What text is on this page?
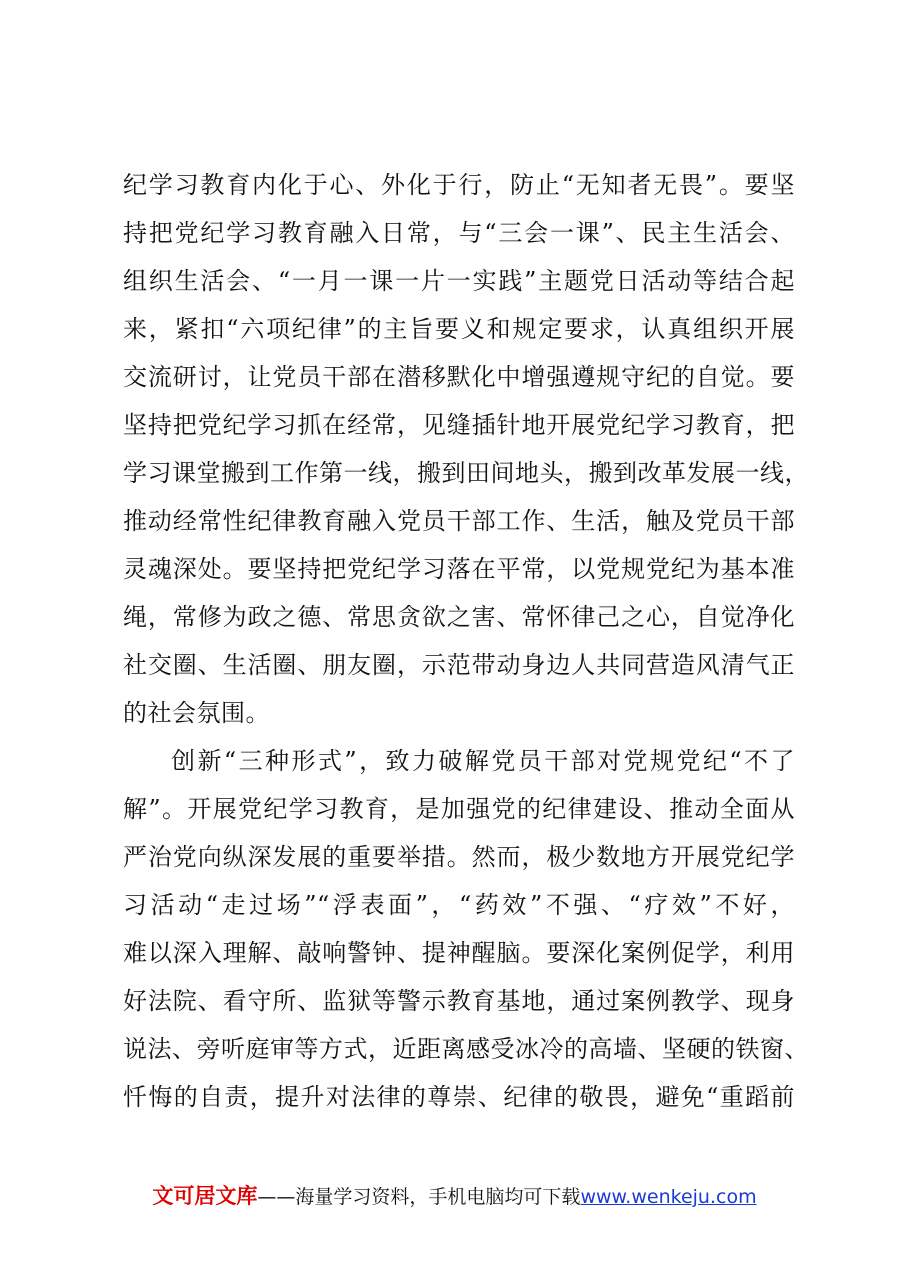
纪学习教育内化于心、外化于行，防止“无知者无畏”。要坚
持把党纪学习教育融入日常，与“三会一课”、民主生活会、
组织生活会、“一月一课一片一实践”主题党日活动等结合起
来，紧扣“六项纪律”的主旨要义和规定要求，认真组织开展
交流研讨，让党员干部在潜移默化中增强遵规守纪的自觉。要
坚持把党纪学习抓在经常，见缝插针地开展党纪学习教育，把
学习课堂搬到工作第一线，搬到田间地头，搬到改革发展一线，
推动经常性纪律教育融入党员干部工作、生活，触及党员干部
灵魂深处。要坚持把党纪学习落在平常，以党规党纪为基本准
绳，常修为政之德、常思贪欲之害、常怀律己之心，自觉净化
社交圈、生活圈、朋友圈，示范带动身边人共同营造风清气正
的社会氛围。
创新“三种形式”，致力破解党员干部对党规党纪“不了
解”。开展党纪学习教育，是加强党的纪律建设、推动全面从
严治党向纵深发展的重要举措。然而，极少数地方开展党纪学
习活动“走过场”“浮表面”，“药效”不强、“疗效”不好，
难以深入理解、敲响警钟、提神醒脑。要深化案例促学，利用
好法院、看守所、监狱等警示教育基地，通过案例教学、现身
说法、旁听庭审等方式，近距离感受冰冷的高墙、坚硬的铁窗、
忏悔的自责，提升对法律的尊崇、纪律的敬畏，避免“重蹈前
文可居文库——海量学习资料，手机电脑均可下载www.wenkeju.com
